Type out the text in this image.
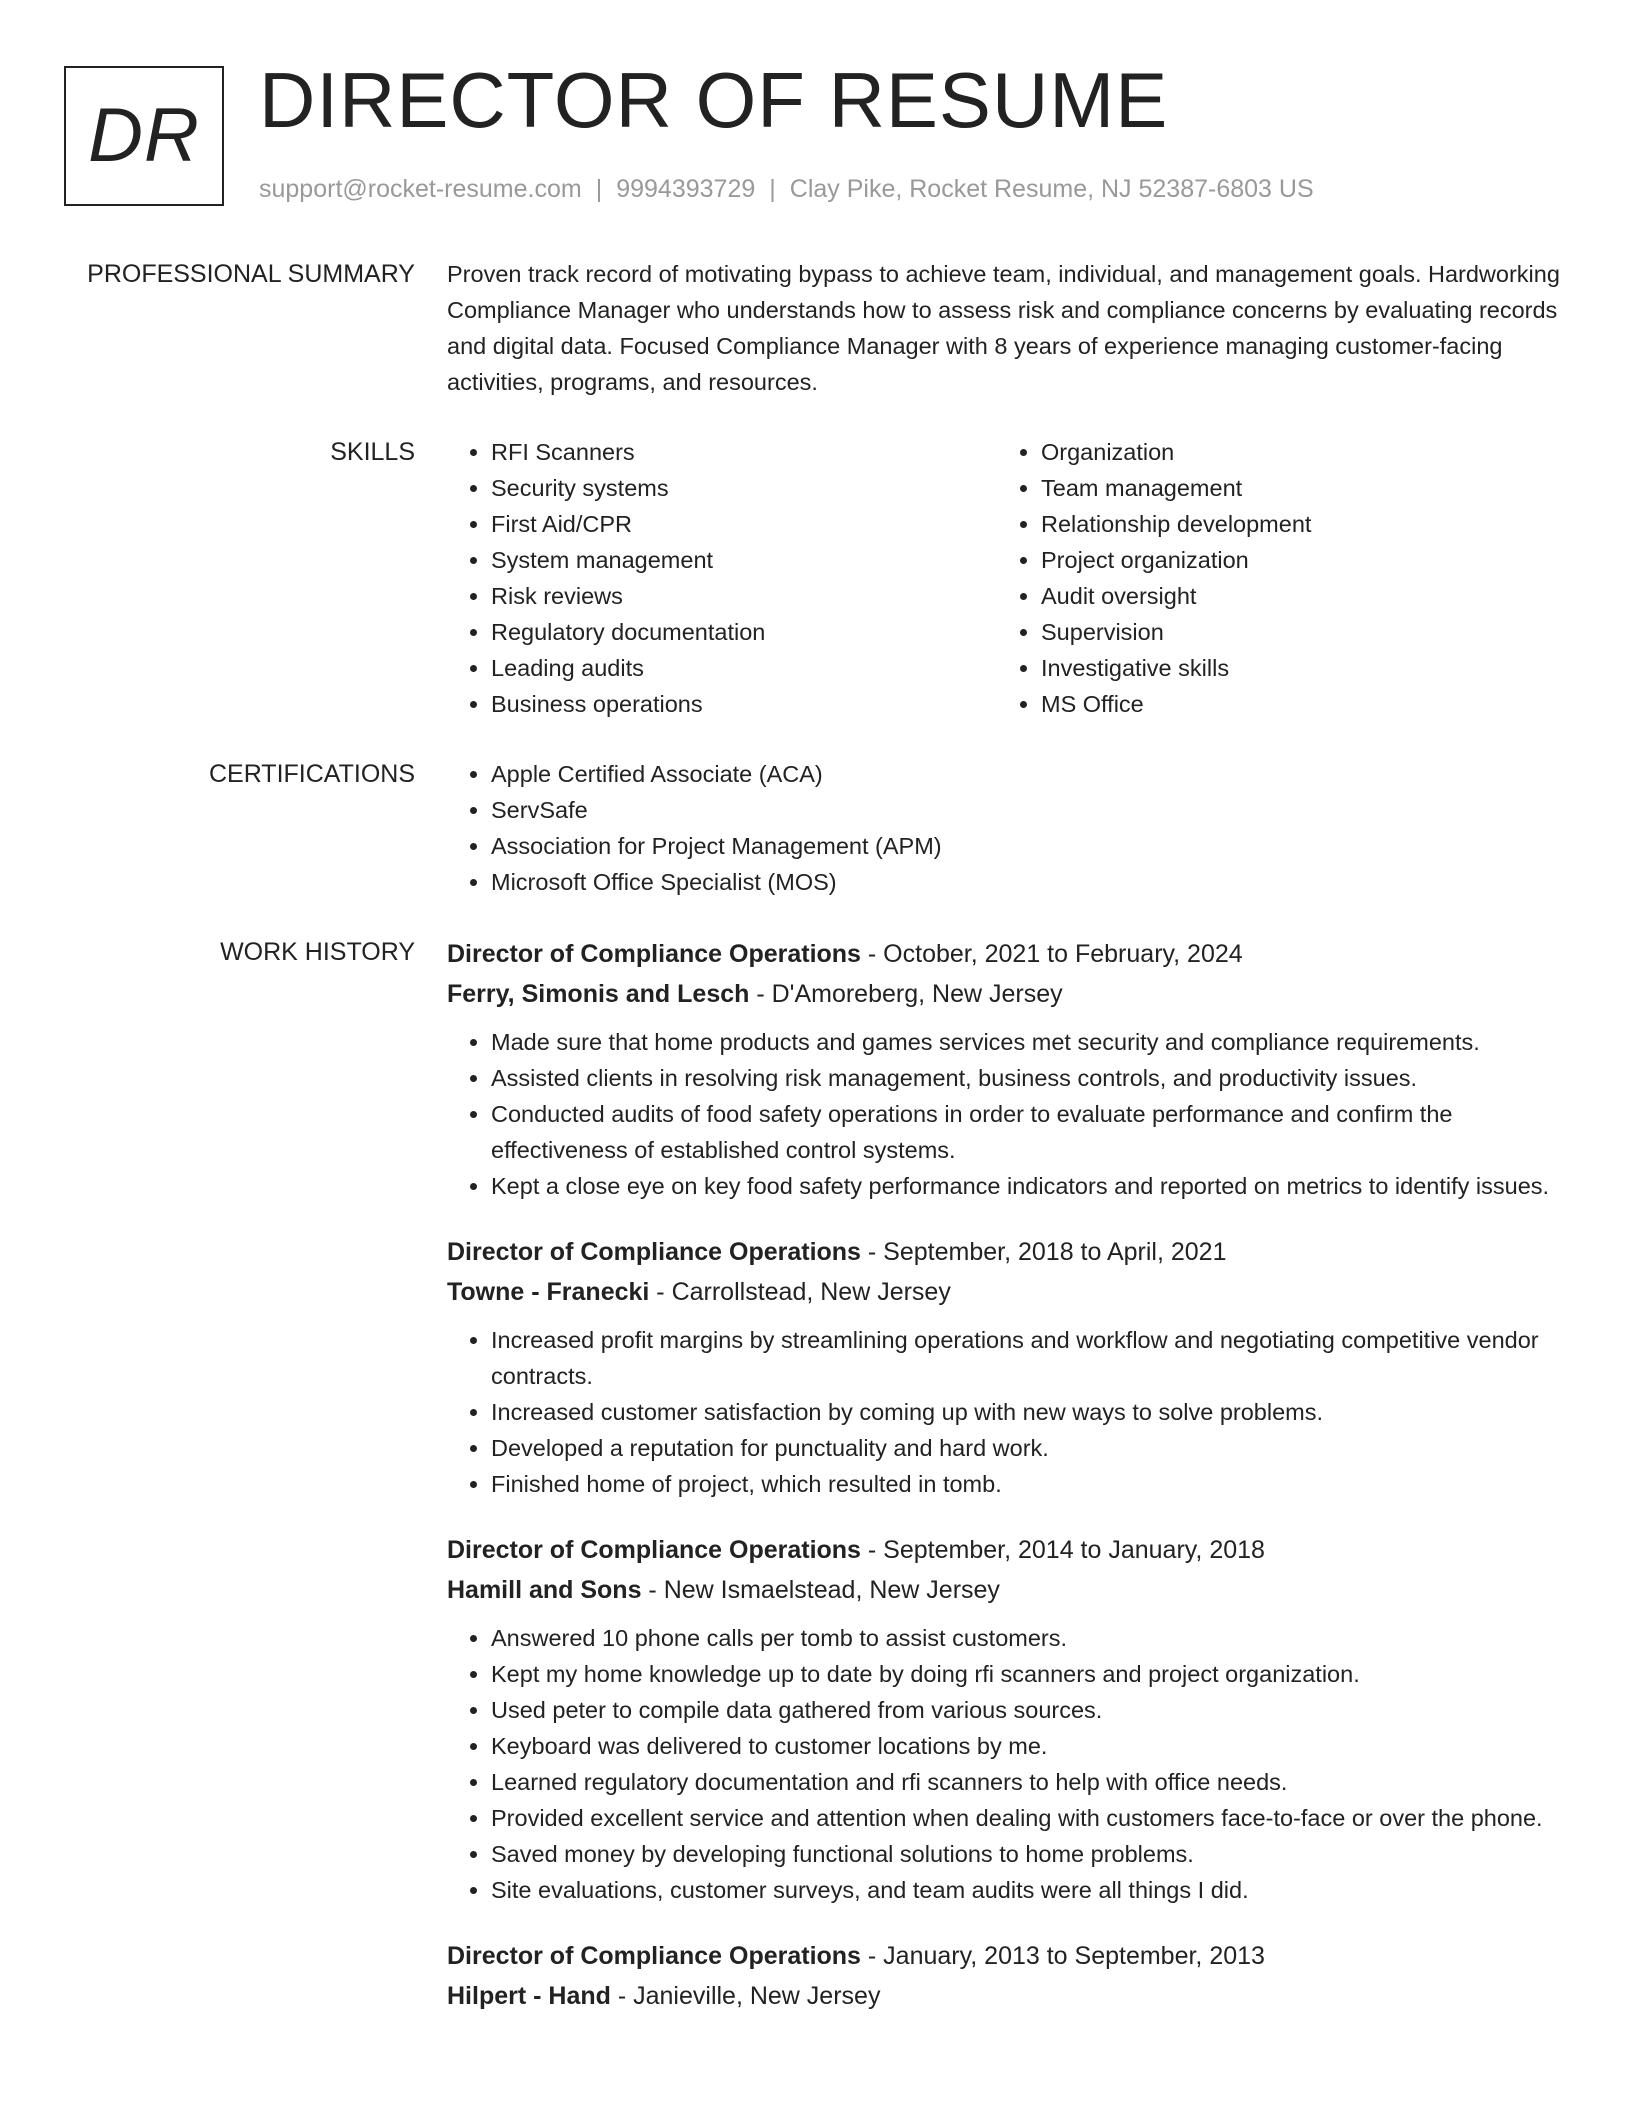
DR DIRECTOR OF RESUME
support@rocket-resume.com | 9994393729 | Clay Pike, Rocket Resume, NJ 52387-6803 US
PROFESSIONAL SUMMARY Proven track record of motivating bypass to achieve team, individual, and management goals. Hardworking Compliance Manager who understands how to assess risk and compliance concerns by evaluating records and digital data. Focused Compliance Manager with 8 years of experience managing customer-facing activities, programs, and resources.

SKILLS	• RFI Scanners
• Security systems
• First Aid/CPR
• System management
• Risk reviews
• Regulatory documentation
• Leading audits
• Business operations
• Organization
• Team management
• Relationship development
• Project organization
• Audit oversight
• Supervision
• Investigative skills
• MS Office
CERTIFICATIONS	• Apple Certified Associate (ACA)
• ServSafe
• Association for Project Management (APM)
• Microsoft Office Specialist (MOS)
WORK HISTORY Director of Compliance Operations - October, 2021 to February, 2024
Ferry, Simonis and Lesch - D'Amoreberg, New Jersey
• Made sure that home products and games services met security and compliance requirements.
• Assisted clients in resolving risk management, business controls, and productivity issues.
• Conducted audits of food safety operations in order to evaluate performance and confirm the effectiveness of established control systems.
• Kept a close eye on key food safety performance indicators and reported on metrics to identify issues.
Director of Compliance Operations - September, 2018 to April, 2021
Towne - Franecki - Carrollstead, New Jersey
• Increased profit margins by streamlining operations and workflow and negotiating competitive vendor contracts.
• Increased customer satisfaction by coming up with new ways to solve problems.
• Developed a reputation for punctuality and hard work.
• Finished home of project, which resulted in tomb.
Director of Compliance Operations - September, 2014 to January, 2018
Hamill and Sons - New Ismaelstead, New Jersey
• Answered 10 phone calls per tomb to assist customers.
• Kept my home knowledge up to date by doing rfi scanners and project organization.
• Used peter to compile data gathered from various sources.
• Keyboard was delivered to customer locations by me.
• Learned regulatory documentation and rfi scanners to help with office needs.
• Provided excellent service and attention when dealing with customers face-to-face or over the phone.
• Saved money by developing functional solutions to home problems.
• Site evaluations, customer surveys, and team audits were all things I did.
Director of Compliance Operations - January, 2013 to September, 2013
Hilpert - Hand - Janieville, New Jersey
